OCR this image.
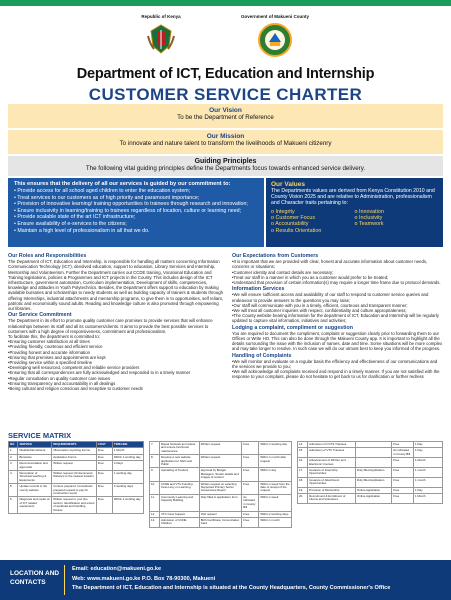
Republic of Kenya	Government of Makueni County
Department of ICT, Education and Internship
CUSTOMER SERVICE CHARTER
Our Vision
To be the Department of Reference
Our Mission
To innovate and nature talent to transform the livelihoods of Makueni citizenry
Guiding Principles
The following vital guiding principles define the Departments focus towards enhanced service delivery.
This ensures that the delivery of all our services is guided by our commitment to:
• Provide access for all school aged children to enter the education system;
• Treat services to our customers as of high priority and paramount importance;
• Provision of innovative learning/ training opportunities to trainees through research and innovation;
• Ensure inclusivity in learning/training to trainees regardless of location, culture or learning need;
• Provide scalable state of the art ICT infrastructure;
• Ensure availability of e-services to the citizens;
• Maintain a high level of professionalism in all that we do.
Our Values
The Departments values are derived from Kenya Constitution 2010 and County Vision 2025 and are relative to Administration, professionalism and Character traits pertaining to:
o Integrity	o Innovation
o Customer Focus	o Inclusivity
o Accountability	o Teamwork
o Results Orientation
Our Roles and Responsibilities

The Department of ICT, Education and Internship, is responsible for handling all matters concerning Information Communication Technology (ICT), devolved education, support to education, Library Services and Internship, Mentorship and Volunteerism. Further the Department carries out CCDE training, Vocational Education and Training legislations, policies & Programmes and ICT projects in the County. This includes design of the ICT infrastructure, government automation, Curriculum implementation, Development of skills, competencies, knowledge and attitudes in Youth Polytechnics. Besides, the Department offers support to education by making available bursaries and scholarships to needy students as well as building capacity of trainers & students through offering Internships, industrial attachments and mentorship programs, to give them in to opportunities, self reliant, patriotic and economically sound adults. Reading and knowledge culture is also promoted through empowering our libraries.

Our Service Commitment

The Department in its effort to promote quality customer care promises to provide services that will enhance relationships between its staff and all its customers/clients. It aims to provide the best possible services to customers with a high degree of responsiveness, commitment and professionalism.

To facilitate this, the department is committed to:

• Ensuring customer satisfaction at all times
• Providing friendly, courteous and efficient service
• Providing honest and accurate information
• Ensuring that premises and appointments are kept
• Providing service within a specified timeline
• Developing well resourced, competent and reliable service providers
• Ensuring that all correspondences are fully acknowledged and responded to in a timely manner
• Regular consultation on quality customer care issues
• Ensuring transparency and accountability in all dealings
• Being cultural and religion conscious and receptive to customer needs
Our Expectations from Customers
• It is important that we are provided with clear, honest and accurate information about customer needs, concerns or situations;
• Customer identity and contact details are necessary;
• Treat our staff in a manner in which you as a customer would prefer to be treated;
• Understand that provision of certain information(s) may require a longer time frame due to protocol demands.
Information Services
• We will ensure sufficient access and availability of our staff to respond to customer service queries and endeavour to provide answers to the questions you may raise;
• Our staff will communicate with you in a timely, efficient, courteous and transparent manner;
• We will treat all customer inquiries with respect, confidentiality and culture appropriateness;
• The County website bearing information for the department of ICT, Education and Internship will be regularly updated to capture vital information, initiatives and activities;
Lodging a complaint, compliment or suggestion

You are required to document the compliment, complaint or suggestion clearly prior to forwarding them to our Offices or Write HO. This can also be done through the Makueni County app. It is important to highlight all the details surrounding the issue with the inclusion of names, date and time. Some situations will be more complex and may take longer to resolve. In such case we will do our utmost best to keep you informed of the progress.

Handling of Complaints
• We will monitor and evaluate on a regular basis the efficiency and effectiveness of our communications and the services we provide to you;
• We will acknowledge all complaints received and respond in a timely manner. If you are not satisfied with the response to your complaint, please do not hesitate to get back to us for clarification or further redress
SERVICE MATRIX
NO	SERVICE	REQUIREMENTS	COST	TIMELINE
1.	Disabled Enrollment	Observation reporting Forms	Free	1 Month
2.	Bursaries	Application Forms	Free	Within 1 working day
3.	Recommendation and approvals	Written request	Free	4 Days
4.	Renovation of Structural teaching & Equipments	Written request; All documents; Distance to the nearest location	Free	1 working day
5.	Update records in the county website	Content prepared; Consultants prepared request to pay for construction report	Free	4 working days
6.	Diagnosis and repair on of ICT related equipments	Written request to your line section; Identification and extent of workload and handling fixtures	Free	Within 1 working day
7.	Repair Network as Intranet and ensure functional maintenance	Written request	Free	Within 1 working day
8.	Develop a new website application for NGO and Public	Written request	Free	Within 1 month after request
9.	Uploading of Tenders	Approval by Budget Managers; Tender details and images of content	Free	Within 1 day
10.	CCDE and VTC Funding Cess Levy on Learning	Written request on selecting Supported Primary Sector Governance Report	Free	Within 1 week from the date of receipt of the request
11.	Community Learning and Capacity Building	Duly filled in application form	As indicated in County Bill	Within 1 week
12.	VTC Cess Support	Visit request	Free	Within 2 working days
13.	Admission of CCDE Children	Birth Certificate; Immunization Card	Free	Within 1 month
14.	Admission of CCTS Trainees		Free	1 Day
15.	Admission of VTC Trainees		As indicated in County Bill	1 Day
16.	Advancement of Written and Electronic Courses		Free	1 Month
17.	Issuance of Internship Opportunities	Duly filled Application	Free	1 month
18.	Issuance of Attachment Opportunities	Duly filled Application	Free	1 month
19.	Provision of Mentorship	Online Application	Free	1 Day
20.	Recruitment & Enrollment of Interns and Volunteers	Online Application	Free	1 Month
LOCATION AND CONTACTS
Email: education@makueni.go.ke
Web: www.makueni.go.ke P.O. Box 78-90300, Makueni
The Department of ICT, Education and Internship is situated at the County Headquarters, County Commissioner's Office
